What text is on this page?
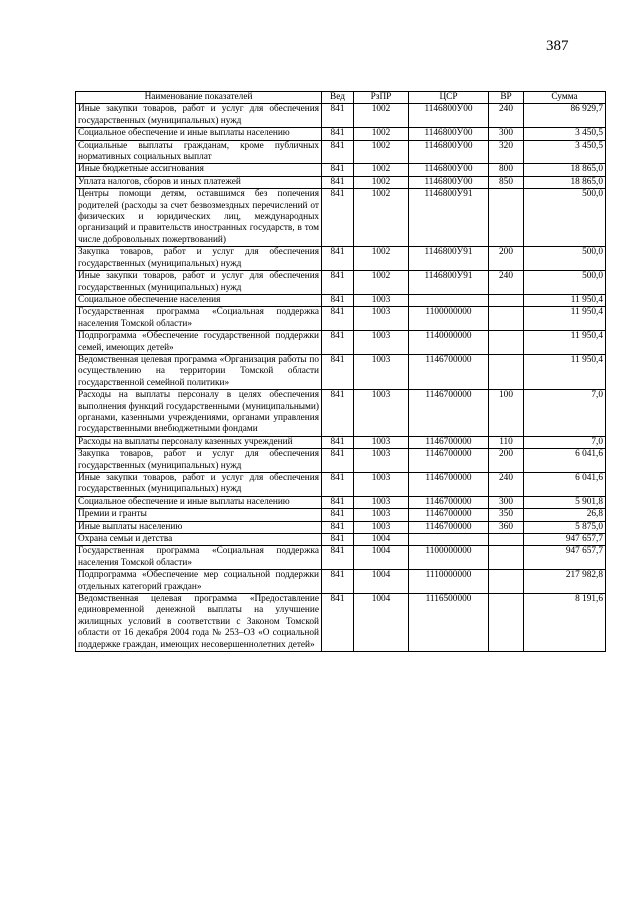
387
Наименование показателей	Вед	РзПР	ЦСР	ВР	Сумма
Иные закупки товаров, работ и услуг для обеспечения государственных (муниципальных) нужд	841	1002	1146800У00	240	86 929,7
Социальное обеспечение и иные выплаты населению	841	1002	1146800У00	300	3 450,5
Социальные выплаты гражданам, кроме публичных нормативных социальных выплат	841	1002	1146800У00	320	3 450,5
Иные бюджетные ассигнования	841	1002	1146800У00	800	18 865,0
Уплата налогов, сборов и иных платежей	841	1002	1146800У00	850	18 865,0
Центры помощи детям, оставшимся без попечения родителей (расходы за счет безвозмездных перечислений от физических и юридических лиц, международных организаций и правительств иностранных государств, в том числе добровольных пожертвований)	841	1002	1146800У91		500,0
Закупка товаров, работ и услуг для обеспечения государственных (муниципальных) нужд	841	1002	1146800У91	200	500,0
Иные закупки товаров, работ и услуг для обеспечения государственных (муниципальных) нужд	841	1002	1146800У91	240	500,0
Социальное обеспечение населения	841	1003			11 950,4
Государственная программа «Социальная поддержка населения Томской области»	841	1003	1100000000		11 950,4
Подпрограмма «Обеспечение государственной поддержки семей, имеющих детей»	841	1003	1140000000		11 950,4
Ведомственная целевая программа «Организация работы по осуществлению на территории Томской области государственной семейной политики»	841	1003	1146700000		11 950,4
Расходы на выплаты персоналу в целях обеспечения выполнения функций государственными (муниципальными) органами, казенными учреждениями, органами управления государственными внебюджетными фондами	841	1003	1146700000	100	7,0
Расходы на выплаты персоналу казенных учреждений	841	1003	1146700000	110	7,0
Закупка товаров, работ и услуг для обеспечения государственных (муниципальных) нужд	841	1003	1146700000	200	6 041,6
Иные закупки товаров, работ и услуг для обеспечения государственных (муниципальных) нужд	841	1003	1146700000	240	6 041,6
Социальное обеспечение и иные выплаты населению	841	1003	1146700000	300	5 901,8
Премии и гранты	841	1003	1146700000	350	26,8
Иные выплаты населению	841	1003	1146700000	360	5 875,0
Охрана семьи и детства	841	1004			947 657,7
Государственная программа «Социальная поддержка населения Томской области»	841	1004	1100000000		947 657,7
Подпрограмма «Обеспечение мер социальной поддержки отдельных категорий граждан»	841	1004	1110000000		217 982,8
Ведомственная целевая программа «Предоставление единовременной денежной выплаты на улучшение жилищных условий в соответствии с Законом Томской области от 16 декабря 2004 года № 253–ОЗ «О социальной поддержке граждан, имеющих несовершеннолетних детей»	841	1004	1116500000		8 191,6
